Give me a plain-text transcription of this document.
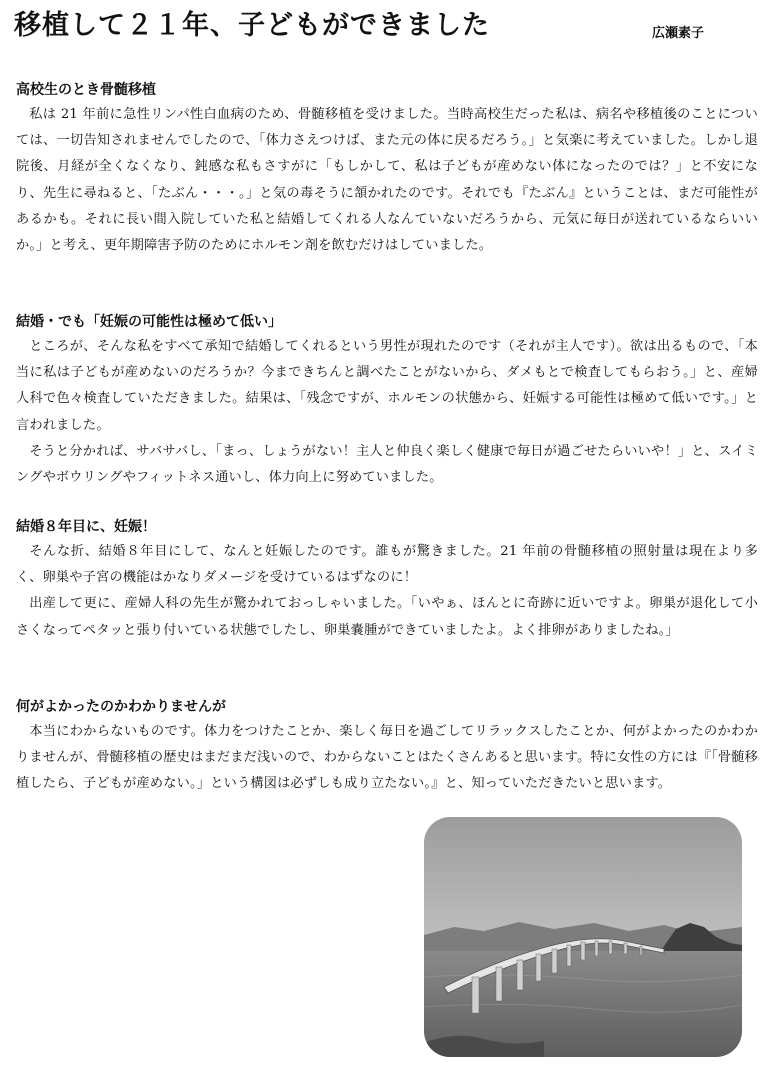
移植して２１年、子どもができました	広瀬素子
高校生のとき骨髄移植

私は 21 年前に急性リンパ性白血病のため、骨髄移植を受けました。当時高校生だった私は、病名や移植後のことについては、一切告知されませんでしたので、「体力さえつけば、また元の体に戻るだろう。」と気楽に考えていました。しかし退院後、月経が全くなくなり、鈍感な私もさすがに「もしかして、私は子どもが産めない体になったのでは？」と不安になり、先生に尋ねると、「たぶん・・・。」と気の毒そうに頷かれたのです。それでも『たぶん』ということは、まだ可能性があるかも。それに長い間入院していた私と結婚してくれる人なんていないだろうから、元気に毎日が送れているならいいか。」と考え、更年期障害予防のためにホルモン剤を飲むだけはしていました。

結婚・でも「妊娠の可能性は極めて低い」

ところが、そんな私をすべて承知で結婚してくれるという男性が現れたのです（それが主人です）。欲は出るもので、「本当に私は子どもが産めないのだろうか？今まできちんと調べたことがないから、ダメもとで検査してもらおう。」と、産婦人科で色々検査していただきました。結果は、「残念ですが、ホルモンの状態から、妊娠する可能性は極めて低いです。」と言われました。

そうと分かれば、サバサバし、「まっ、しょうがない！主人と仲良く楽しく健康で毎日が過ごせたらいいや！」と、スイミングやボウリングやフィットネス通いし、体力向上に努めていました。

結婚８年目に、妊娠！

そんな折、結婚８年目にして、なんと妊娠したのです。誰もが驚きました。21 年前の骨髄移植の照射量は現在より多く、卵巣や子宮の機能はかなりダメージを受けているはずなのに！

出産して更に、産婦人科の先生が驚かれておっしゃいました。「いやぁ、ほんとに奇跡に近いですよ。卵巣が退化して小さくなってペタッと張り付いている状態でしたし、卵巣嚢腫ができていましたよ。よく排卵がありましたね。」

何がよかったのかわかりませんが

本当にわからないものです。体力をつけたことか、楽しく毎日を過ごしてリラックスしたことか、何がよかったのかわかりませんが、骨髄移植の歴史はまだまだ浅いので、わからないことはたくさんあると思います。特に女性の方には『「骨髄移植したら、子どもが産めない。」という構図は必ずしも成り立たない。』と、知っていただきたいと思います。
